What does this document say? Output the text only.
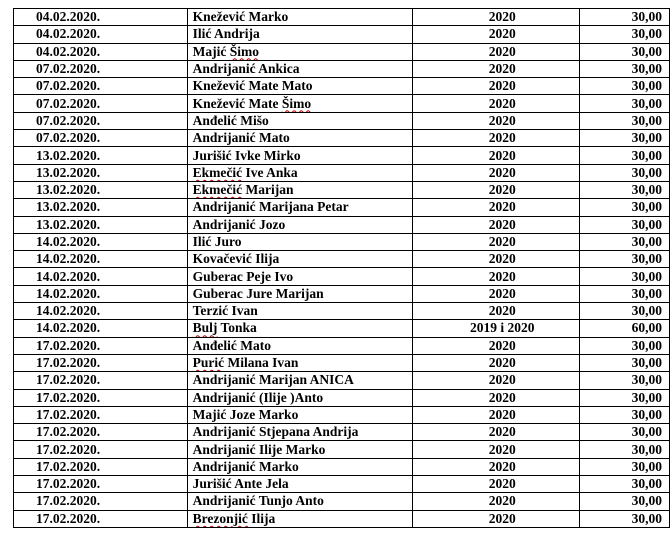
04.02.2020.	Knežević Marko	2020	30,00
04.02.2020.	Ilić Andrija	2020	30,00
04.02.2020.	Majić Šimo	2020	30,00
07.02.2020.	Andrijanić Ankica	2020	30,00
07.02.2020.	Knežević Mate Mato	2020	30,00
07.02.2020.	Knežević Mate Šimo	2020	30,00
07.02.2020.	Anđelić Mišo	2020	30,00
07.02.2020.	Andrijanić Mato	2020	30,00
13.02.2020.	Jurišić Ivke Mirko	2020	30,00
13.02.2020.	Ekmečić Ive Anka	2020	30,00
13.02.2020.	Ekmečić Marijan	2020	30,00
13.02.2020.	Andrijanić Marijana Petar	2020	30,00
13.02.2020.	Andrijanić Jozo	2020	30,00
14.02.2020.	Ilić Juro	2020	30,00
14.02.2020.	Kovačević Ilija	2020	30,00
14.02.2020.	Guberac Peje Ivo	2020	30,00
14.02.2020.	Guberac Jure Marijan	2020	30,00
14.02.2020.	Terzić Ivan	2020	30,00
14.02.2020.	Bulj Tonka	2019 i 2020	60,00
17.02.2020.	Anđelić Mato	2020	30,00
17.02.2020.	Purić Milana Ivan	2020	30,00
17.02.2020.	Andrijanić Marijan ANICA	2020	30,00
17.02.2020.	Andrijanić (Ilije )Anto	2020	30,00
17.02.2020.	Majić Joze Marko	2020	30,00
17.02.2020.	Andrijanić Stjepana Andrija	2020	30,00
17.02.2020.	Andrijanić Ilije Marko	2020	30,00
17.02.2020.	Andrijanić Marko	2020	30,00
17.02.2020.	Jurišić Ante Jela	2020	30,00
17.02.2020.	Andrijanić Tunjo Anto	2020	30,00
17.02.2020.	Brezonjić Ilija	2020	30,00
